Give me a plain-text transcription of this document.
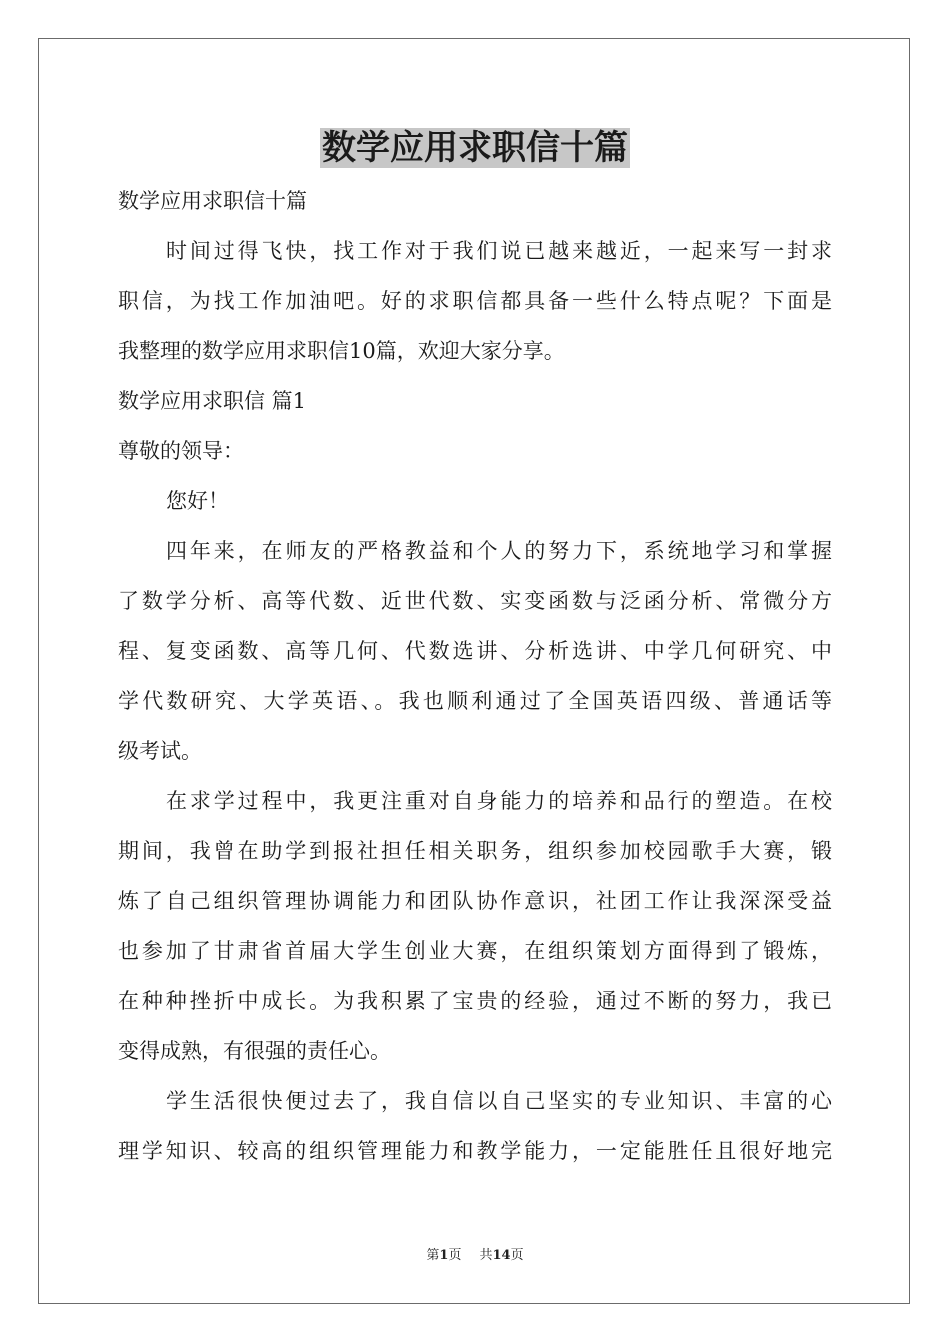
数学应用求职信十篇
数学应用求职信十篇
时间过得飞快，找工作对于我们说已越来越近，一起来写一封求
职信，为找工作加油吧。好的求职信都具备一些什么特点呢？下面是
我整理的数学应用求职信10篇，欢迎大家分享。
数学应用求职信 篇1
尊敬的领导：
您好！
四年来，在师友的严格教益和个人的努力下，系统地学习和掌握
了数学分析、高等代数、近世代数、实变函数与泛函分析、常微分方
程、复变函数、高等几何、代数选讲、分析选讲、中学几何研究、中
学代数研究、大学英语、。我也顺利通过了全国英语四级、普通话等
级考试。
在求学过程中，我更注重对自身能力的培养和品行的塑造。在校
期间，我曾在助学到报社担任相关职务，组织参加校园歌手大赛，锻
炼了自己组织管理协调能力和团队协作意识，社团工作让我深深受益
也参加了甘肃省首届大学生创业大赛，在组织策划方面得到了锻炼，
在种种挫折中成长。为我积累了宝贵的经验，通过不断的努力，我已
变得成熟，有很强的责任心。
学生活很快便过去了，我自信以自己坚实的专业知识、丰富的心
理学知识、较高的组织管理能力和教学能力，一定能胜任且很好地完
第1页 共14页
